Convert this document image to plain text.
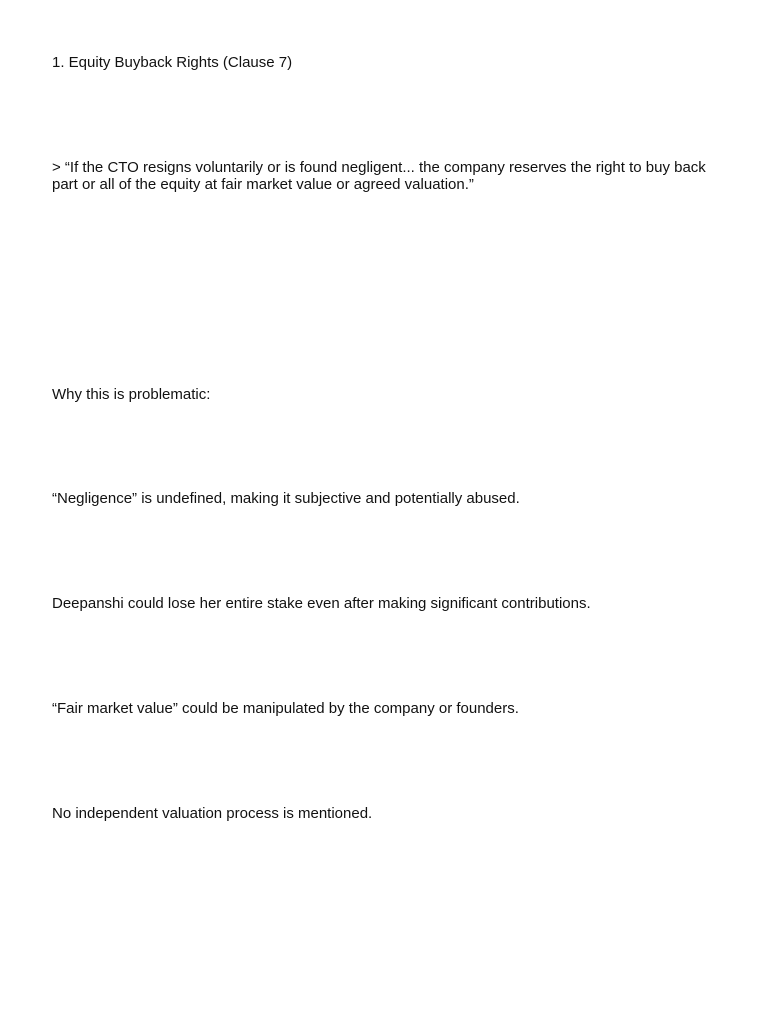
1. Equity Buyback Rights (Clause 7)

> “If the CTO resigns voluntarily or is found negligent... the company reserves the right to buy back part or all of the equity at fair market value or agreed valuation.”

Why this is problematic:

“Negligence” is undefined, making it subjective and potentially abused.

Deepanshi could lose her entire stake even after making significant contributions.

“Fair market value” could be manipulated by the company or founders.

No independent valuation process is mentioned.
